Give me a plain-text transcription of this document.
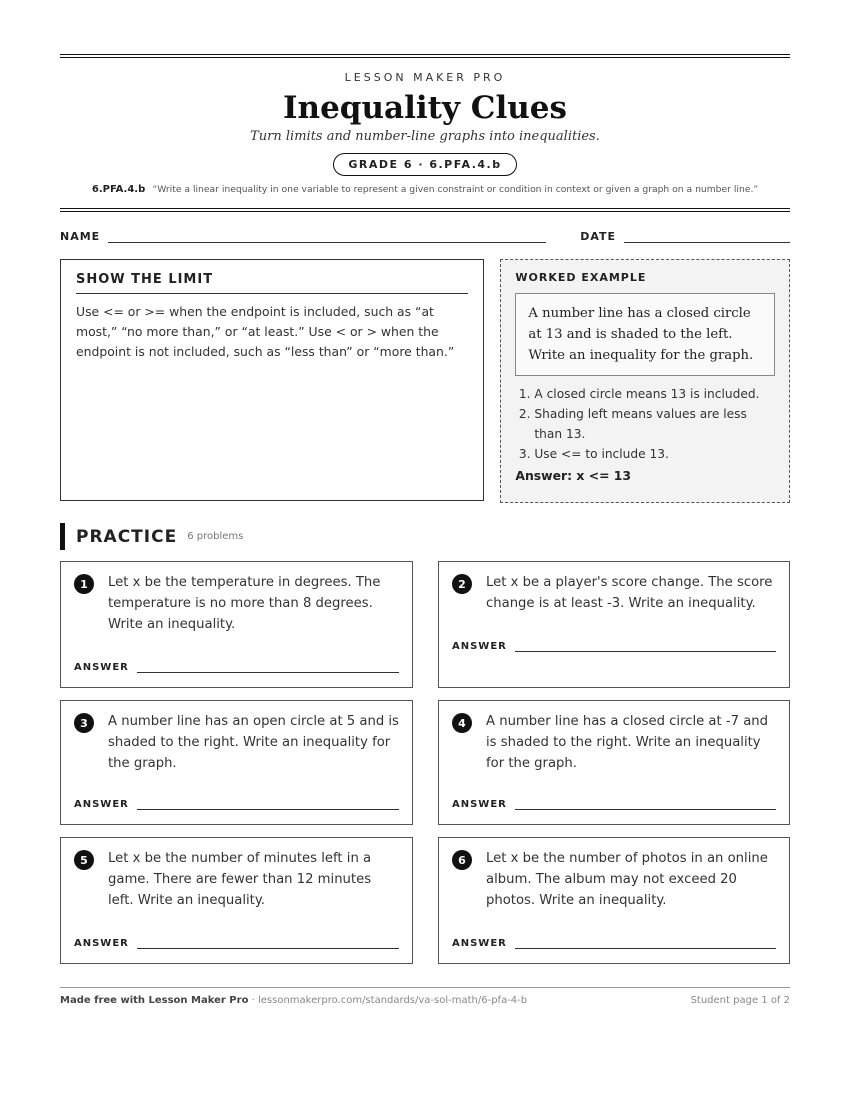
LESSON MAKER PRO
Inequality Clues
Turn limits and number-line graphs into inequalities.
GRADE 6 · 6.PFA.4.b
6.PFA.4.b “Write a linear inequality in one variable to represent a given constraint or condition in context or given a graph on a number line.”
NAME	DATE
SHOW THE LIMIT
Use <= or >= when the endpoint is included, such as “at most,” “no more than,” or “at least.” Use < or > when the endpoint is not included, such as “less than” or “more than.”
WORKED EXAMPLE
A number line has a closed circle at 13 and is shaded to the left. Write an inequality for the graph.
1. A closed circle means 13 is included.
2. Shading left means values are less than 13.
3. Use <= to include 13.
Answer: x <= 13
PRACTICE 6 problems
1	Let x be the temperature in degrees. The temperature is no more than 8 degrees. Write an inequality.
ANSWER
2	Let x be a player's score change. The score change is at least -3. Write an inequality.
ANSWER
3	A number line has an open circle at 5 and is shaded to the right. Write an inequality for the graph.
ANSWER
4	A number line has a closed circle at -7 and is shaded to the right. Write an inequality for the graph.
ANSWER
5	Let x be the number of minutes left in a game. There are fewer than 12 minutes left. Write an inequality.
ANSWER
6	Let x be the number of photos in an online album. The album may not exceed 20 photos. Write an inequality.
ANSWER
Made free with Lesson Maker Pro · lessonmakerpro.com/standards/va-sol-math/6-pfa-4-b	Student page 1 of 2
